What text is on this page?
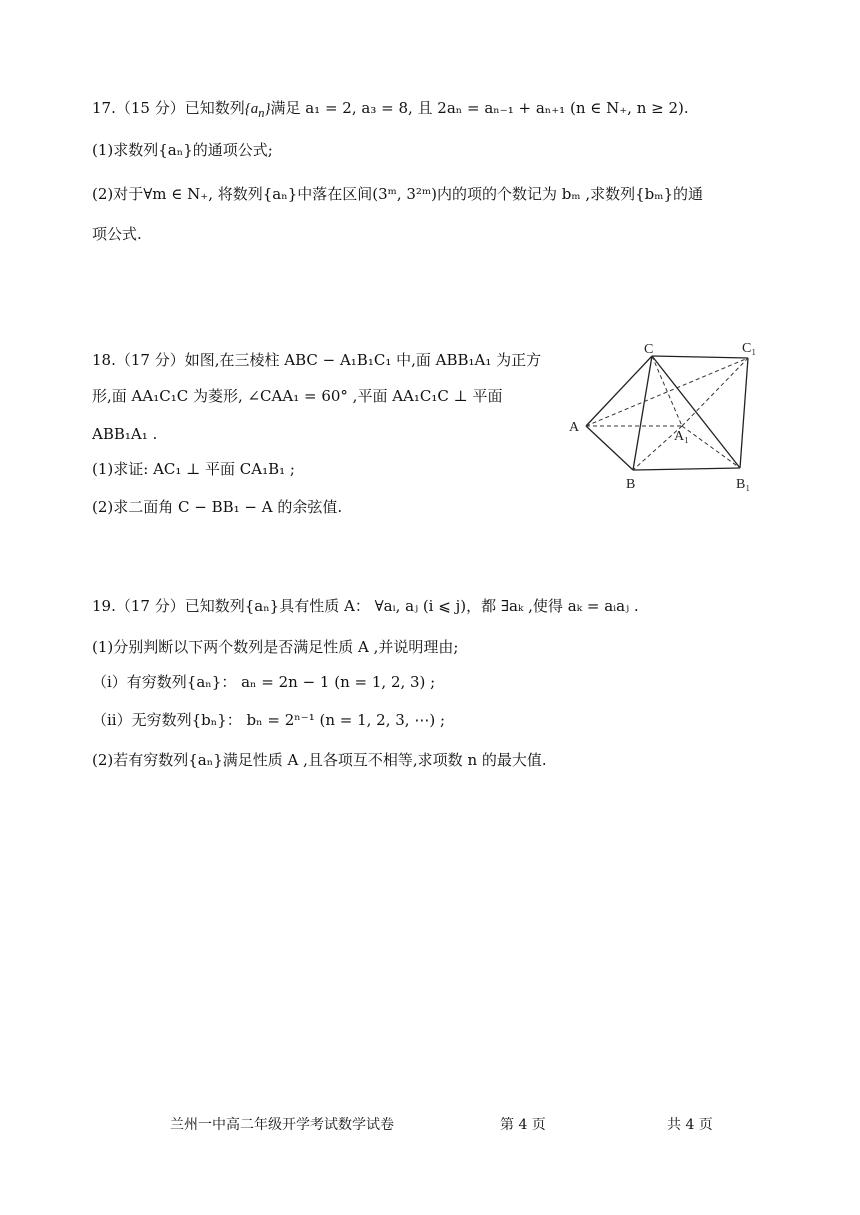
17.（15 分）已知数列$\{a_n\}$满足 a₁ = 2, a₃ = 8, 且 2aₙ = aₙ₋₁ + aₙ₊₁ (n ∈ N₊, n ≥ 2).
(1)求数列{aₙ}的通项公式;
(2)对于∀m ∈ N₊, 将数列{aₙ}中落在区间(3ᵐ, 3²ᵐ)内的项的个数记为 bₘ ,求数列{bₘ}的通
项公式.
18.（17 分）如图,在三棱柱 ABC − A₁B₁C₁ 中,面 ABB₁A₁ 为正方
形,面 AA₁C₁C 为菱形, ∠CAA₁ = 60° ,平面 AA₁C₁C ⊥ 平面
ABB₁A₁ .
(1)求证: AC₁ ⊥ 平面 CA₁B₁ ;
(2)求二面角 C − BB₁ − A 的余弦值.
C	C₁
A
A₁
B	B₁
19.（17 分）已知数列{aₙ}具有性质 A： ∀aᵢ, aⱼ (i ⩽ j)，都 ∃aₖ ,使得 aₖ = aᵢaⱼ .
(1)分别判断以下两个数列是否满足性质 A ,并说明理由;
（i）有穷数列{aₙ}： aₙ = 2n − 1 (n = 1, 2, 3) ;
（ii）无穷数列{bₙ}： bₙ = 2ⁿ⁻¹ (n = 1, 2, 3, ⋯) ;
(2)若有穷数列{aₙ}满足性质 A ,且各项互不相等,求项数 n 的最大值.
兰州一中高二年级开学考试数学试卷	第 4 页	共 4 页
